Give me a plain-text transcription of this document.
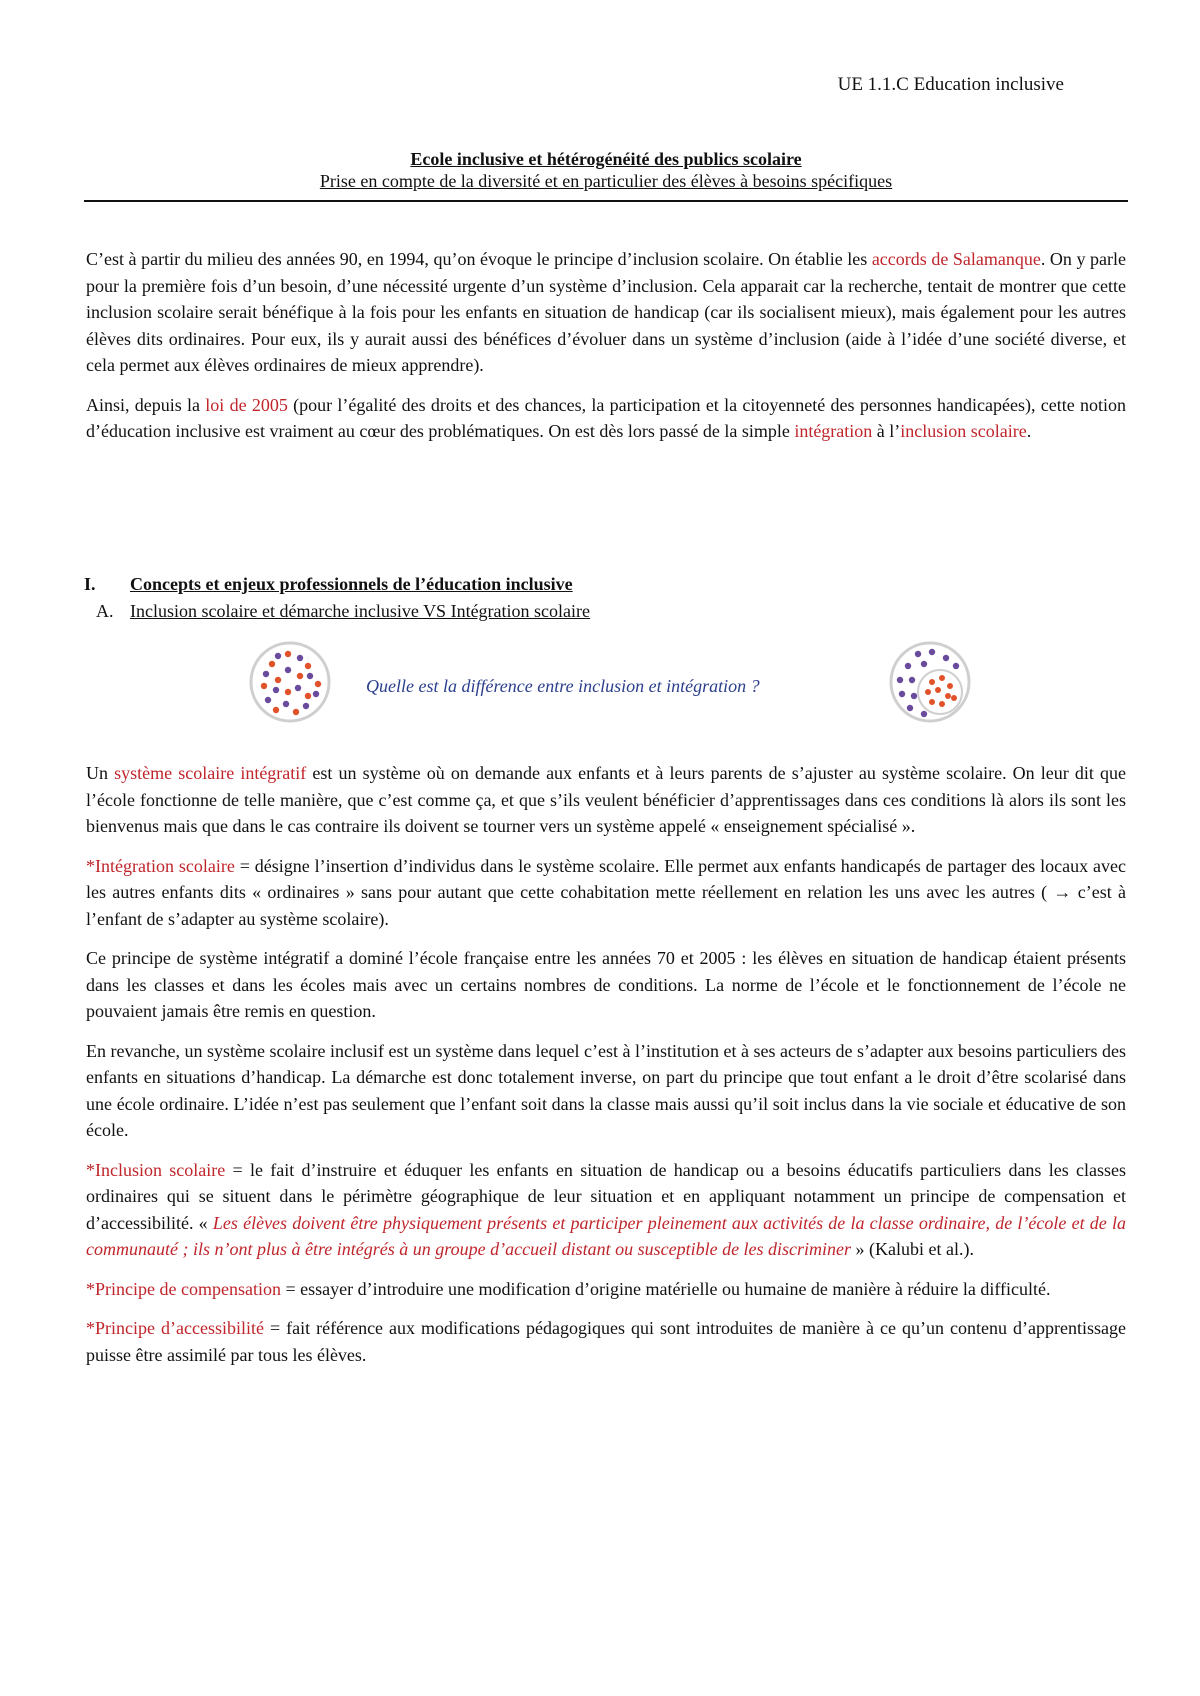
UE 1.1.C Education inclusive
Ecole inclusive et hétérogénéité des publics scolaire
Prise en compte de la diversité et en particulier des élèves à besoins spécifiques

C’est à partir du milieu des années 90, en 1994, qu’on évoque le principe d’inclusion scolaire. On établie les accords de Salamanque. On y parle pour la première fois d’un besoin, d’une nécessité urgente d’un système d’inclusion. Cela apparait car la recherche, tentait de montrer que cette inclusion scolaire serait bénéfique à la fois pour les enfants en situation de handicap (car ils socialisent mieux), mais également pour les autres élèves dits ordinaires. Pour eux, ils y aurait aussi des bénéfices d’évoluer dans un système d’inclusion (aide à l’idée d’une société diverse, et cela permet aux élèves ordinaires de mieux apprendre).

Ainsi, depuis la loi de 2005 (pour l’égalité des droits et des chances, la participation et la citoyenneté des personnes handicapées), cette notion d’éducation inclusive est vraiment au cœur des problématiques. On est dès lors passé de la simple intégration à l’inclusion scolaire.

I. Concepts et enjeux professionnels de l’éducation inclusive
A. Inclusion scolaire et démarche inclusive VS Intégration scolaire
Quelle est la différence entre inclusion et intégration ?

Un système scolaire intégratif est un système où on demande aux enfants et à leurs parents de s’ajuster au système scolaire. On leur dit que l’école fonctionne de telle manière, que c’est comme ça, et que s’ils veulent bénéficier d’apprentissages dans ces conditions là alors ils sont les bienvenus mais que dans le cas contraire ils doivent se tourner vers un système appelé « enseignement spécialisé ».

*Intégration scolaire = désigne l’insertion d’individus dans le système scolaire. Elle permet aux enfants handicapés de partager des locaux avec les autres enfants dits « ordinaires » sans pour autant que cette cohabitation mette réellement en relation les uns avec les autres ( → c’est à l’enfant de s’adapter au système scolaire).

Ce principe de système intégratif a dominé l’école française entre les années 70 et 2005 : les élèves en situation de handicap étaient présents dans les classes et dans les écoles mais avec un certains nombres de conditions. La norme de l’école et le fonctionnement de l’école ne pouvaient jamais être remis en question.

En revanche, un système scolaire inclusif est un système dans lequel c’est à l’institution et à ses acteurs de s’adapter aux besoins particuliers des enfants en situations d’handicap. La démarche est donc totalement inverse, on part du principe que tout enfant a le droit d’être scolarisé dans une école ordinaire. L’idée n’est pas seulement que l’enfant soit dans la classe mais aussi qu’il soit inclus dans la vie sociale et éducative de son école.

*Inclusion scolaire = le fait d’instruire et éduquer les enfants en situation de handicap ou a besoins éducatifs particuliers dans les classes ordinaires qui se situent dans le périmètre géographique de leur situation et en appliquant notamment un principe de compensation et d’accessibilité. « Les élèves doivent être physiquement présents et participer pleinement aux activités de la classe ordinaire, de l’école et de la communauté ; ils n’ont plus à être intégrés à un groupe d’accueil distant ou susceptible de les discriminer » (Kalubi et al.).

*Principe de compensation = essayer d’introduire une modification d’origine matérielle ou humaine de manière à réduire la difficulté.

*Principe d’accessibilité = fait référence aux modifications pédagogiques qui sont introduites de manière à ce qu’un contenu d’apprentissage puisse être assimilé par tous les élèves.
